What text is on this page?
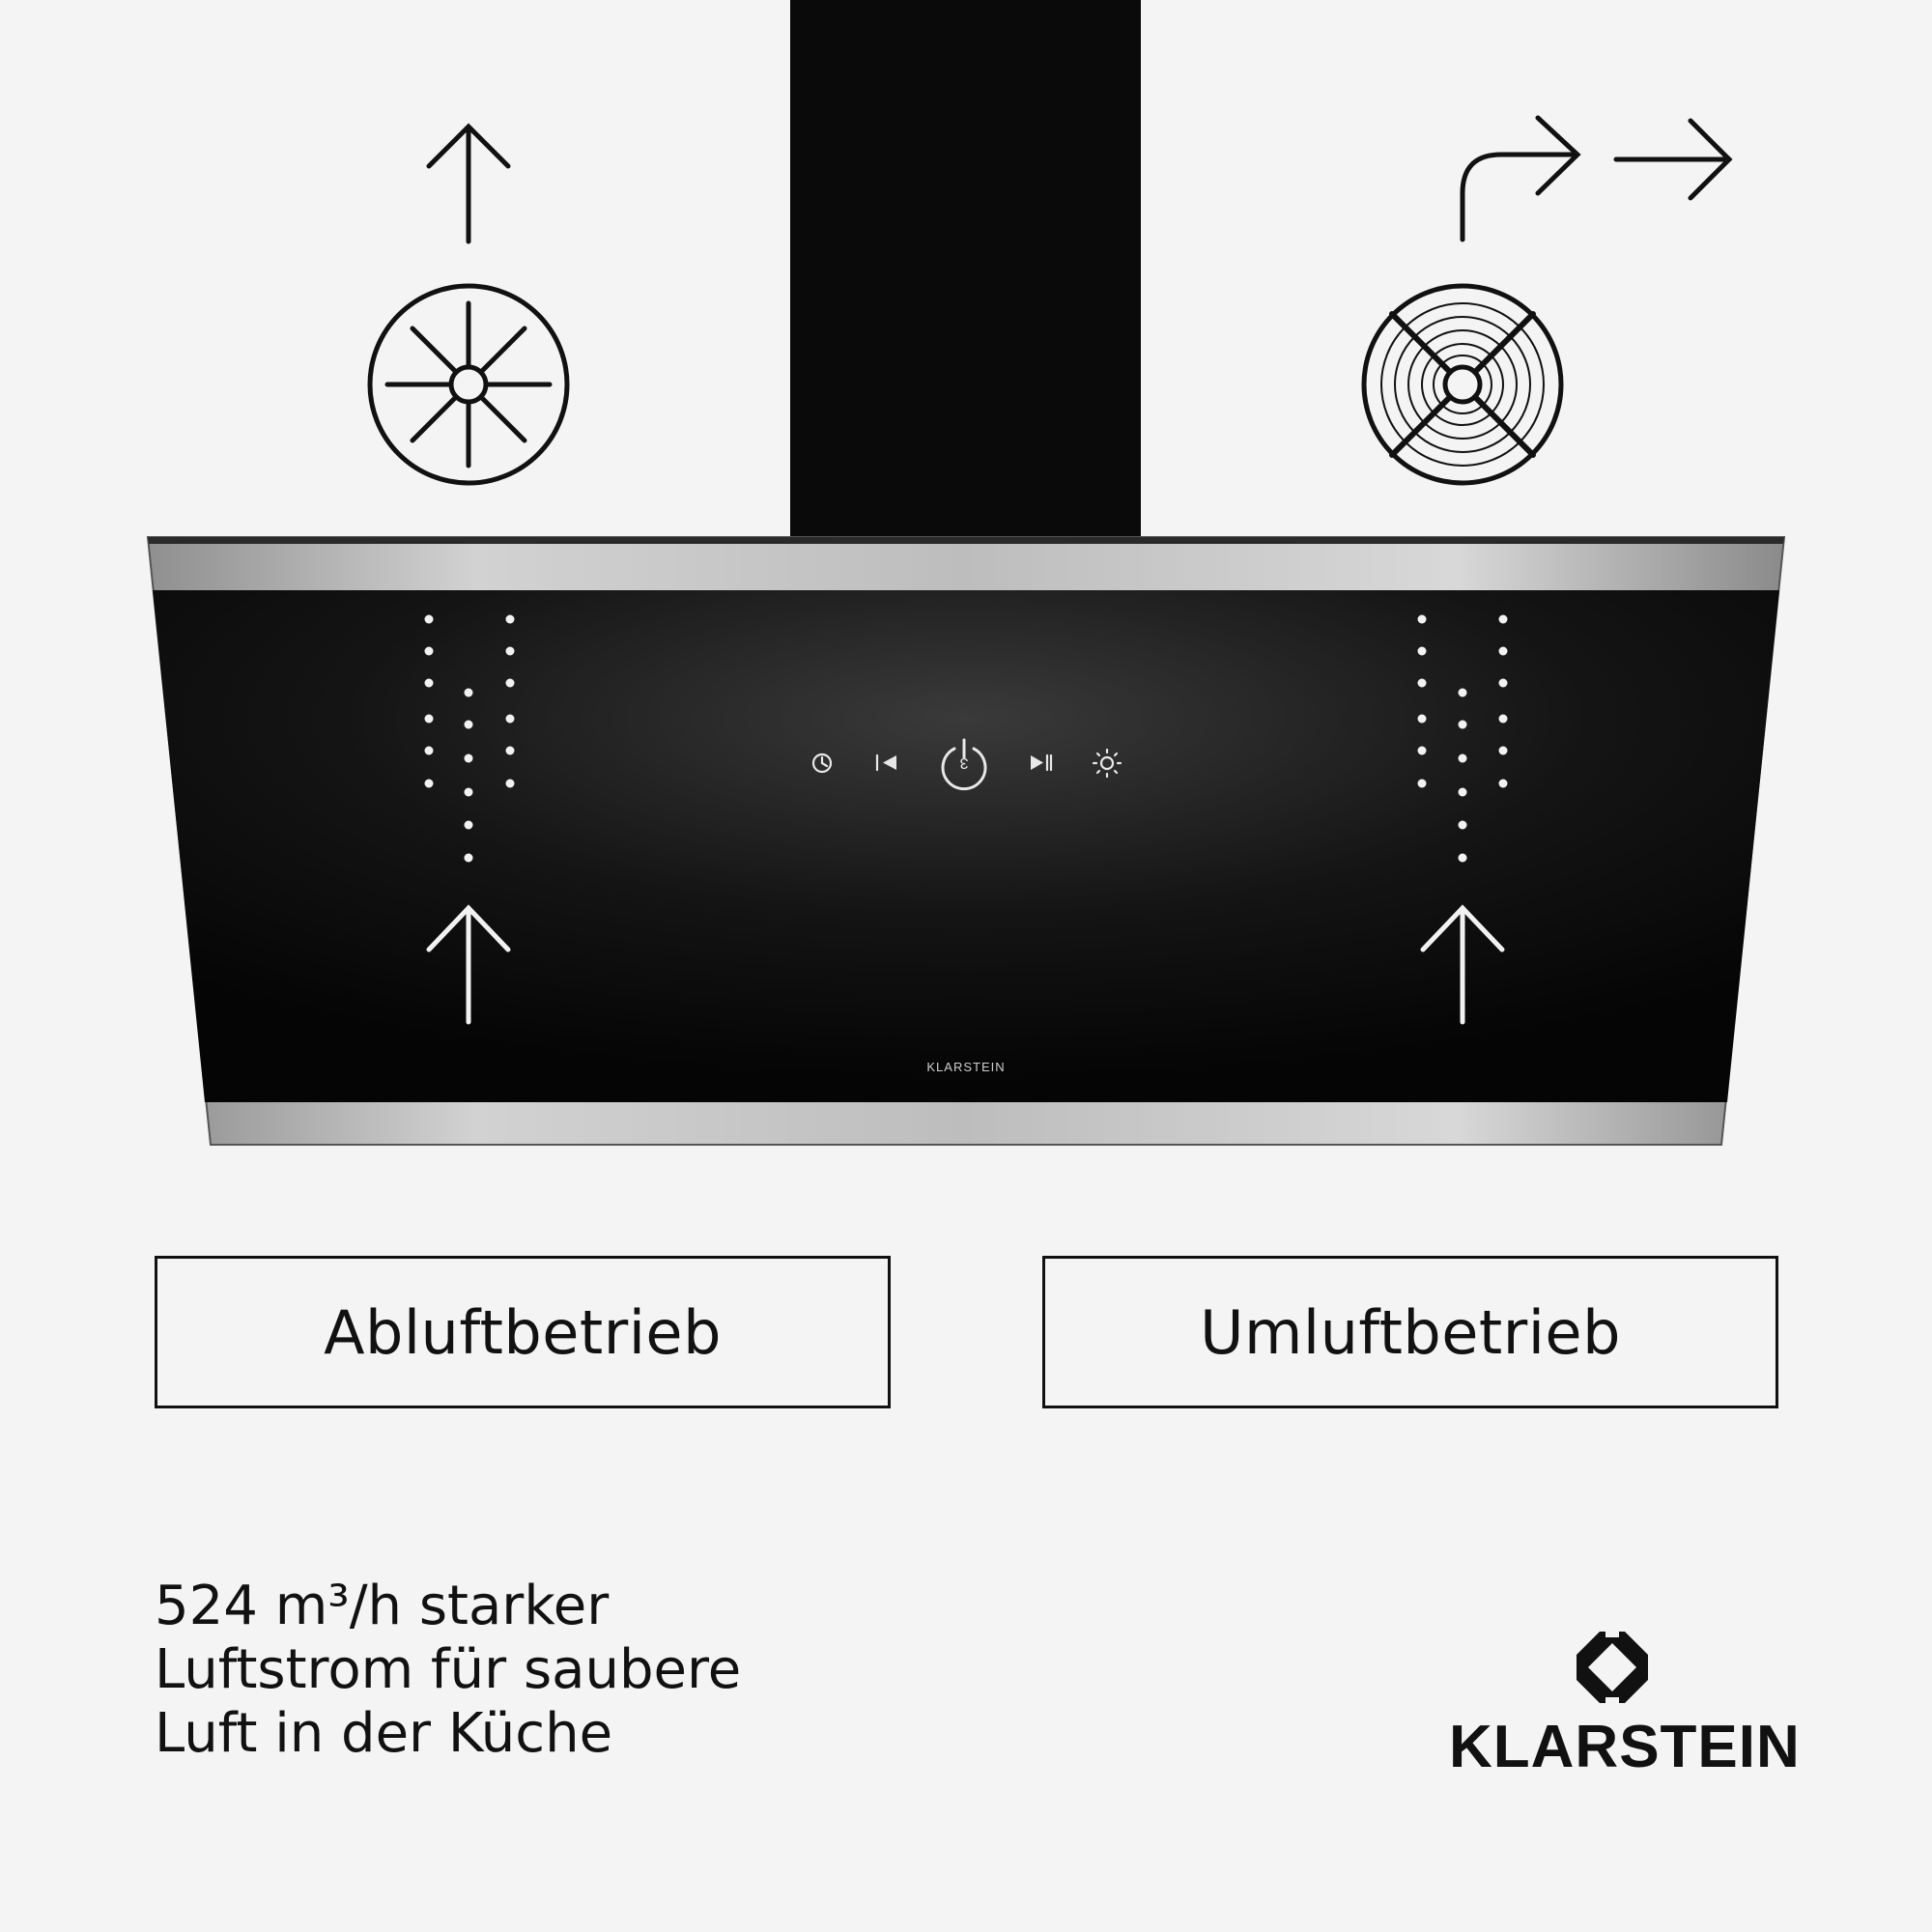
3
KLARSTEIN
Abluftbetrieb	Umluftbetrieb
524 m³/h starker
Luftstrom für saubere
Luft in der Küche	KLARSTEIN
